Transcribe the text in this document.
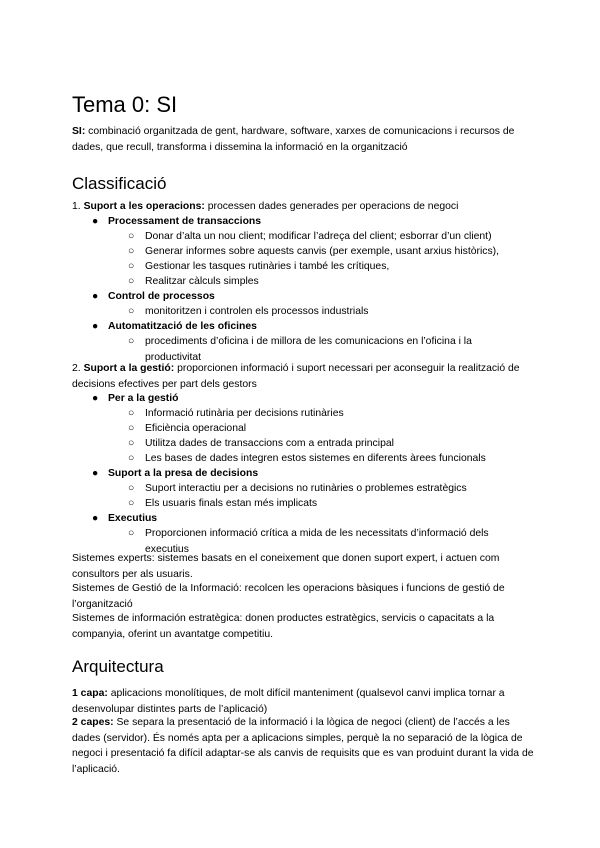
Tema 0: SI

SI: combinació organitzada de gent, hardware, software, xarxes de comunicacions i recursos de dades, que recull, transforma i dissemina la informació en la organització

Classificació
1. Suport a les operacions: processen dades generades per operacions de negoci
● Processament de transaccions
○ Donar d’alta un nou client; modificar l’adreça del client; esborrar d’un client)
○ Generar informes sobre aquests canvis (per exemple, usant arxius històrics),
○ Gestionar les tasques rutinàries i també les crítiques,
○ Realitzar càlculs simples
● Control de processos
○ monitoritzen i controlen els processos industrials
● Automatització de les oficines
○ procediments d’oficina i de millora de les comunicacions en l’oficina i la productivitat

2. Suport a la gestió: proporcionen informació i suport necessari per aconseguir la realització de decisions efectives per part dels gestors

● Per a la gestió
○ Informació rutinària per decisions rutinàries
○ Eficiència operacional
○ Utilitza dades de transaccions com a entrada principal
○ Les bases de dades integren estos sistemes en diferents àrees funcionals
● Suport a la presa de decisions
○ Suport interactiu per a decisions no rutinàries o problemes estratègics
○ Els usuaris finals estan més implicats
● Executius
○ Proporcionen informació crítica a mida de les necessitats d’informació dels executius

Sistemes experts: sistemes basats en el coneixement que donen suport expert, i actuen com consultors per als usuaris.

Sistemes de Gestió de la Informació: recolcen les operacions bàsiques i funcions de gestió de l’organització

Sistemes de información estratègica: donen productes estratègics, servicis o capacitats a la companyia, oferint un avantatge competitiu.

Arquitectura

1 capa: aplicacions monolítiques, de molt difícil manteniment (qualsevol canvi implica tornar a desenvolupar distintes parts de l’aplicació)

2 capes: Se separa la presentació de la informació i la lògica de negoci (client) de l’accés a les dades (servidor). És només apta per a aplicacions simples, perquè la no separació de la lògica de negoci i presentació fa difícil adaptar-se als canvis de requisits que es van produint durant la vida de l’aplicació.
